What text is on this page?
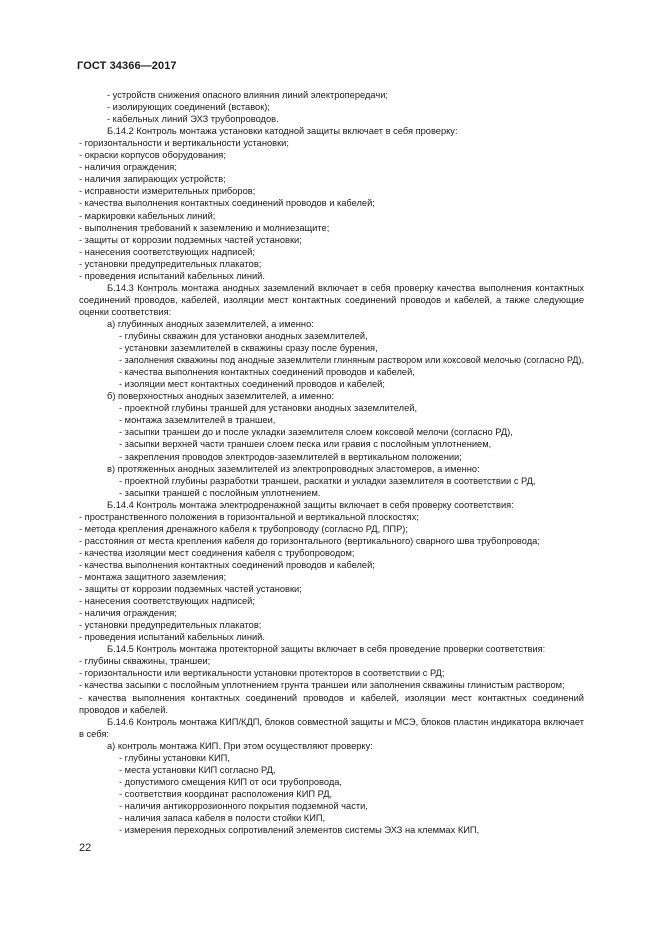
ГОСТ 34366—2017
- устройств снижения опасного влияния линий электропередачи;
- изолирующих соединений (вставок);
- кабельных линий ЭХЗ трубопроводов.
Б.14.2 Контроль монтажа установки катодной защиты включает в себя проверку:
- горизонтальности и вертикальности установки;
- окраски корпусов оборудования;
- наличия ограждения;
- наличия запирающих устройств;
- исправности измерительных приборов;
- качества выполнения контактных соединений проводов и кабелей;
- маркировки кабельных линий;
- выполнения требований к заземлению и молниезащите;
- защиты от коррозии подземных частей установки;
- нанесения соответствующих надписей;
- установки предупредительных плакатов;
- проведения испытаний кабельных линий.
Б.14.3 Контроль монтажа анодных заземлений включает в себя проверку качества выполнения контактных
соединений проводов, кабелей, изоляции мест контактных соединений проводов и кабелей, а также следующие
оценки соответствия:
а) глубинных анодных заземлителей, а именно:
- глубины скважин для установки анодных заземлителей,
- установки заземлителей в скважины сразу после бурения,
- заполнения скважины под анодные заземлители глиняным раствором или коксовой мелочью (согласно РД),
- качества выполнения контактных соединений проводов и кабелей,
- изоляции мест контактных соединений проводов и кабелей;
б) поверхностных анодных заземлителей, а именно:
- проектной глубины траншей для установки анодных заземлителей,
- монтажа заземлителей в траншеи,
- засыпки траншеи до и после укладки заземлителя слоем коксовой мелочи (согласно РД),
- засыпки верхней части траншеи слоем песка или гравия с послойным уплотнением,
- закрепления проводов электродов-заземлителей в вертикальном положении;
в) протяженных анодных заземлителей из электропроводных эластомеров, а именно:
- проектной глубины разработки траншеи, раскатки и укладки заземлителя в соответствии с РД,
- засыпки траншей с послойным уплотнением.
Б.14.4 Контроль монтажа электродренажной защиты включает в себя проверку соответствия:
- пространственного положения в горизонтальной и вертикальной плоскостях;
- метода крепления дренажного кабеля к трубопроводу (согласно РД, ППР);
- расстояния от места крепления кабеля до горизонтального (вертикального) сварного шва трубопровода;
- качества изоляции мест соединения кабеля с трубопроводом;
- качества выполнения контактных соединений проводов и кабелей;
- монтажа защитного заземления;
- защиты от коррозии подземных частей установки;
- нанесения соответствующих надписей;
- наличия ограждения;
- установки предупредительных плакатов;
- проведения испытаний кабельных линий.
Б.14.5 Контроль монтажа протекторной защиты включает в себя проведение проверки соответствия:
- глубины скважины, траншеи;
- горизонтальности или вертикальности установки протекторов в соответствии с РД;
- качества засыпки с послойным уплотнением грунта траншеи или заполнения скважины глинистым раствором;
- качества выполнения контактных соединений проводов и кабелей, изоляции мест контактных соединений
проводов и кабелей.
Б.14.6 Контроль монтажа КИП/КДП, блоков совместной защиты и МСЭ, блоков пластин индикатора включает
в себя:
а) контроль монтажа КИП. При этом осуществляют проверку:
- глубины установки КИП,
- места установки КИП согласно РД,
- допустимого смещения КИП от оси трубопровода,
- соответствия координат расположения КИП РД,
- наличия антикоррозионного покрытия подземной части,
- наличия запаса кабеля в полости стойки КИП,
- измерения переходных сопротивлений элементов системы ЭХЗ на клеммах КИП,
22
